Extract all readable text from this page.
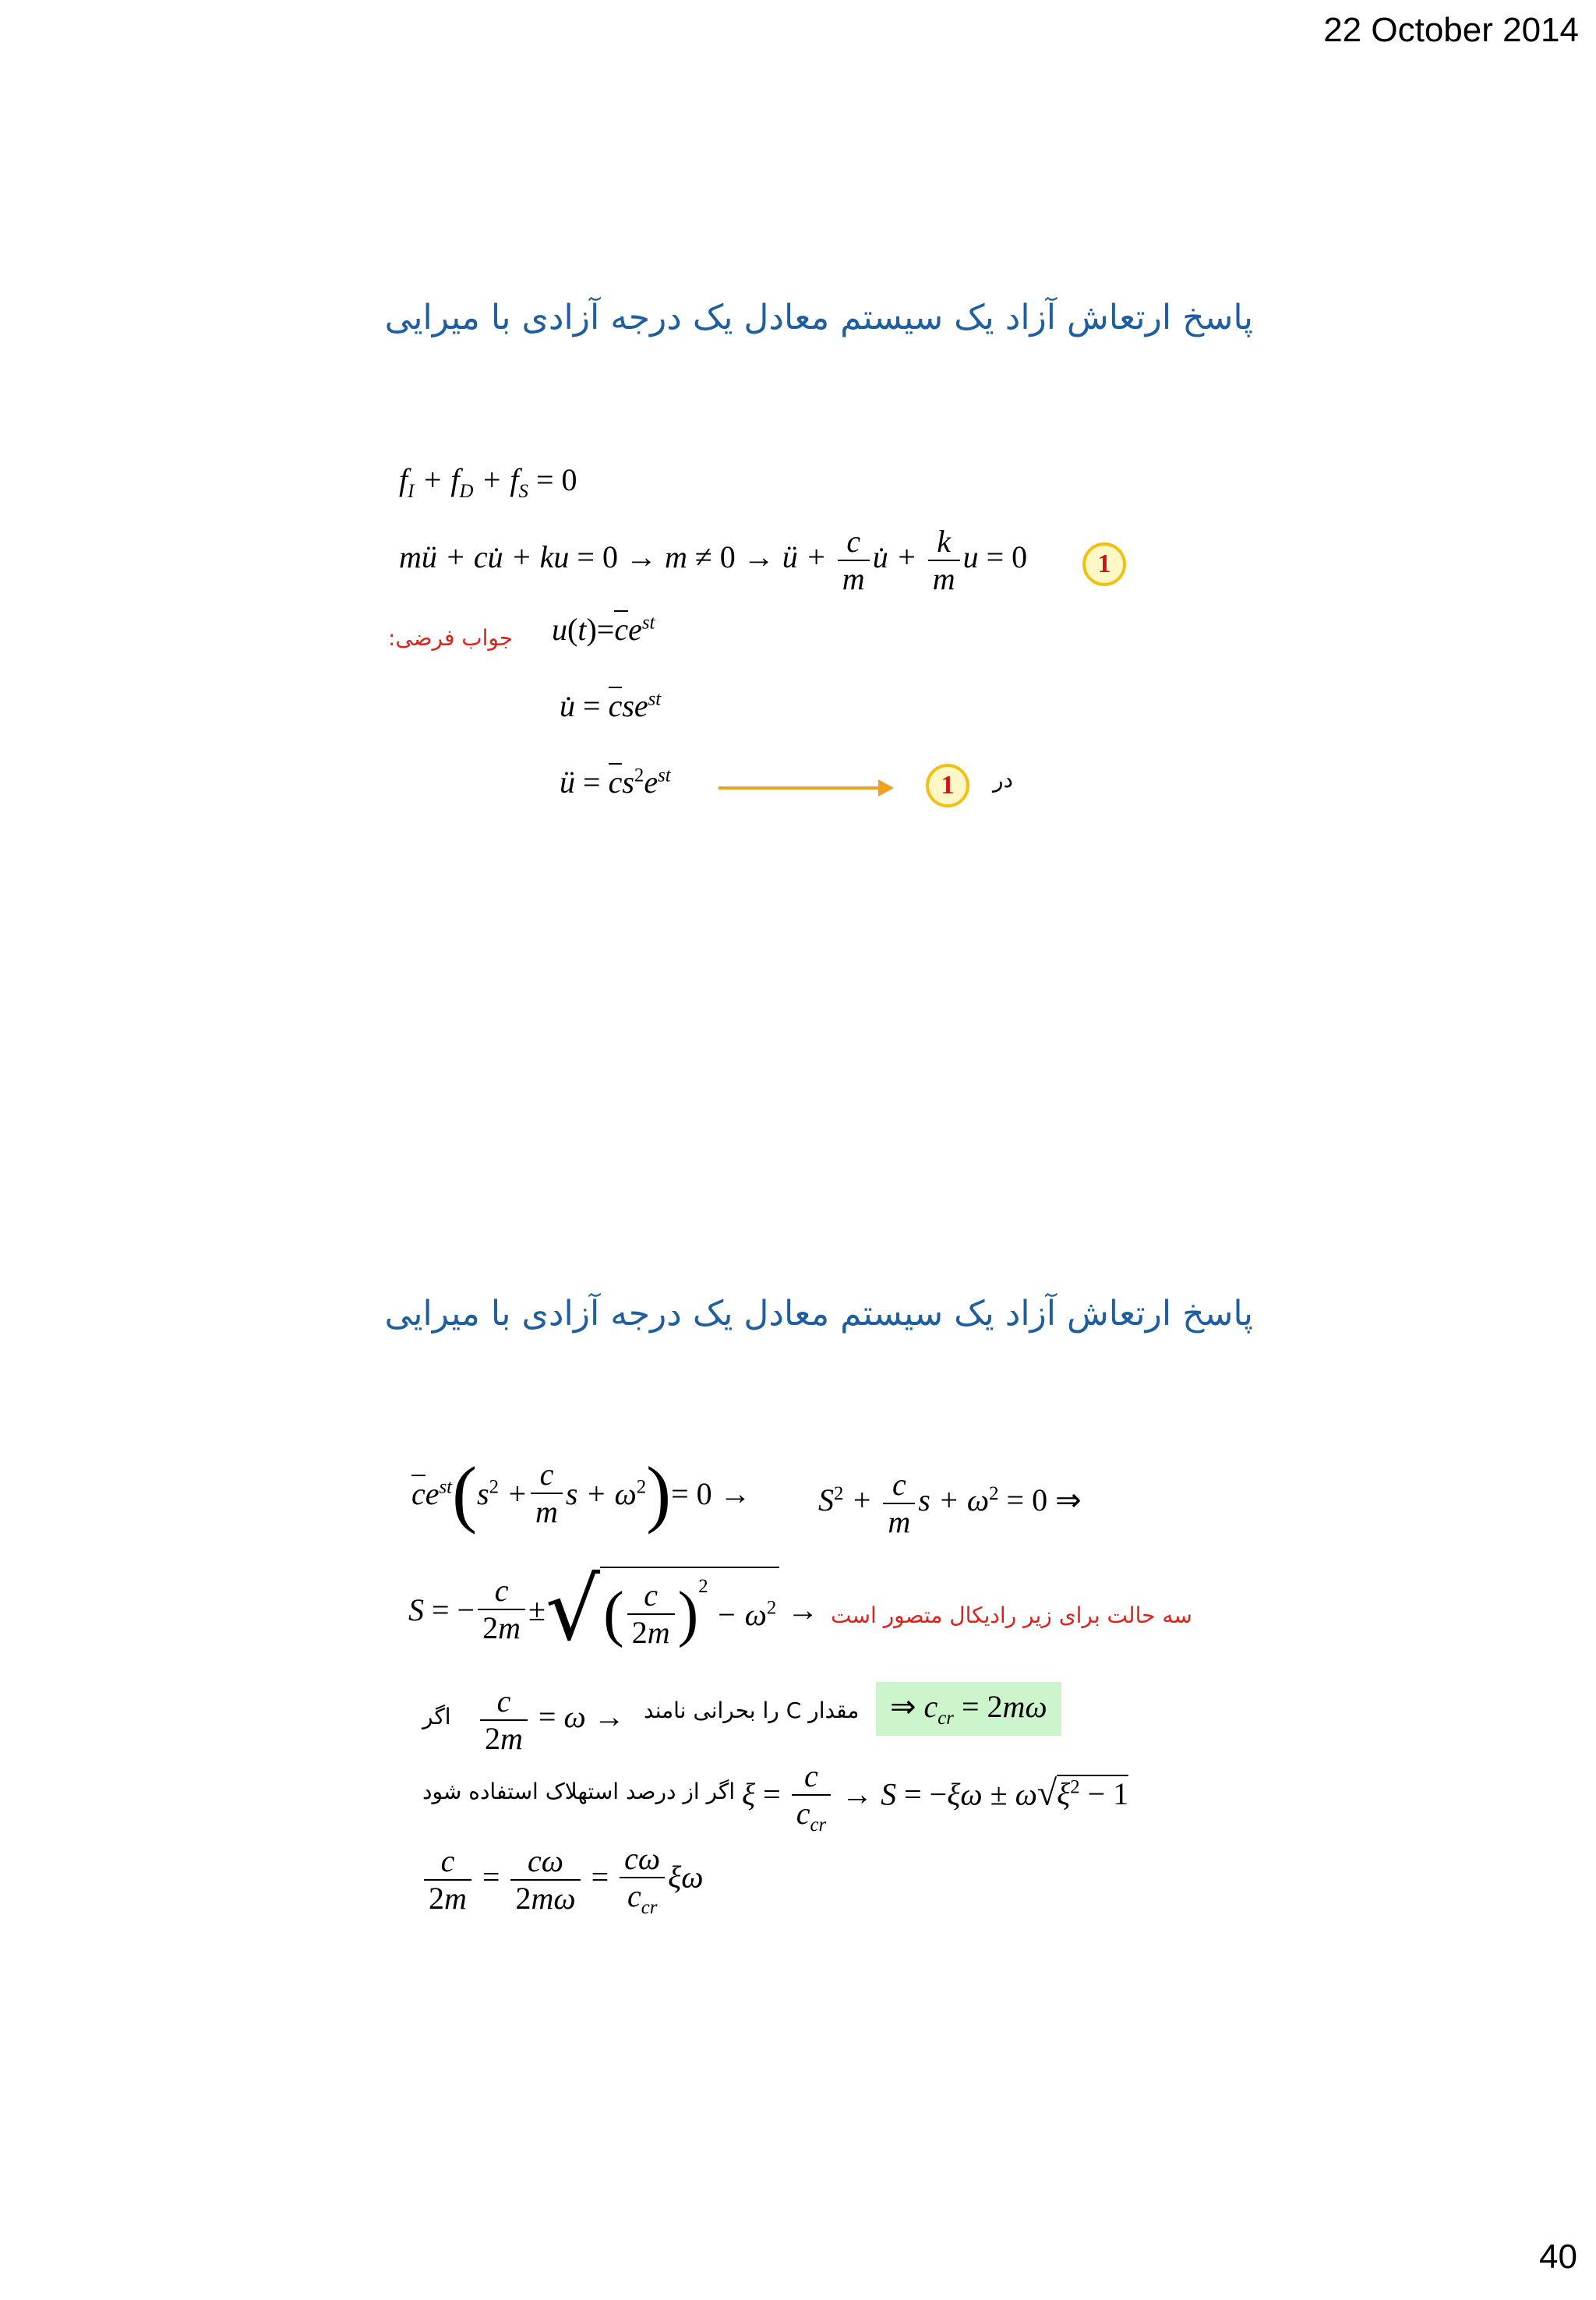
22 October 2014
40
پاسخ ارتعاش آزاد یک سیستم معادل یک درجه آزادی با میرایی
$f_I + f_D + f_S = 0$
mü + cu̇ + ku = 0 → m ≠ 0 → ü + $\frac{c}{m}$ u̇ + $\frac{k}{m}$ u = 0	1
جواب فرضی: $u(t)=ce^{st}$
u̇ = cse$^{st}$
ü = $cs^2e^{st}$	1	در
پاسخ ارتعاش آزاد یک سیستم معادل یک درجه آزادی با میرایی
$ce^{st}$ ( $s^2 + \frac{c}{m}$ $s + \omega^2$ ) = $0 \to S^2 + \frac{c}{m}$ $s + \omega^2 = 0$ ⇒
S = − $\frac{c}{2m}$ ± √ ( $\frac{c}{2m} )^2$
− $\omega^2$ → سه حالت برای زیر رادیکال متصور است
اگر $\frac{c}{2m} = \omega$ → مقدار C را بحرانی نامند ⇒ $c_{cr} = 2m\omega$
اگر از درصد استهلاک استفاده شود $\xi = \frac{c}{c_{cr}} \to S = -\xi\omega \pm \omega√\xi^2 - 1$
$\frac{c}{2m} = \frac{c\omega}{2m\omega} = \frac{c\omega}{c_{cr}}$ ξω
